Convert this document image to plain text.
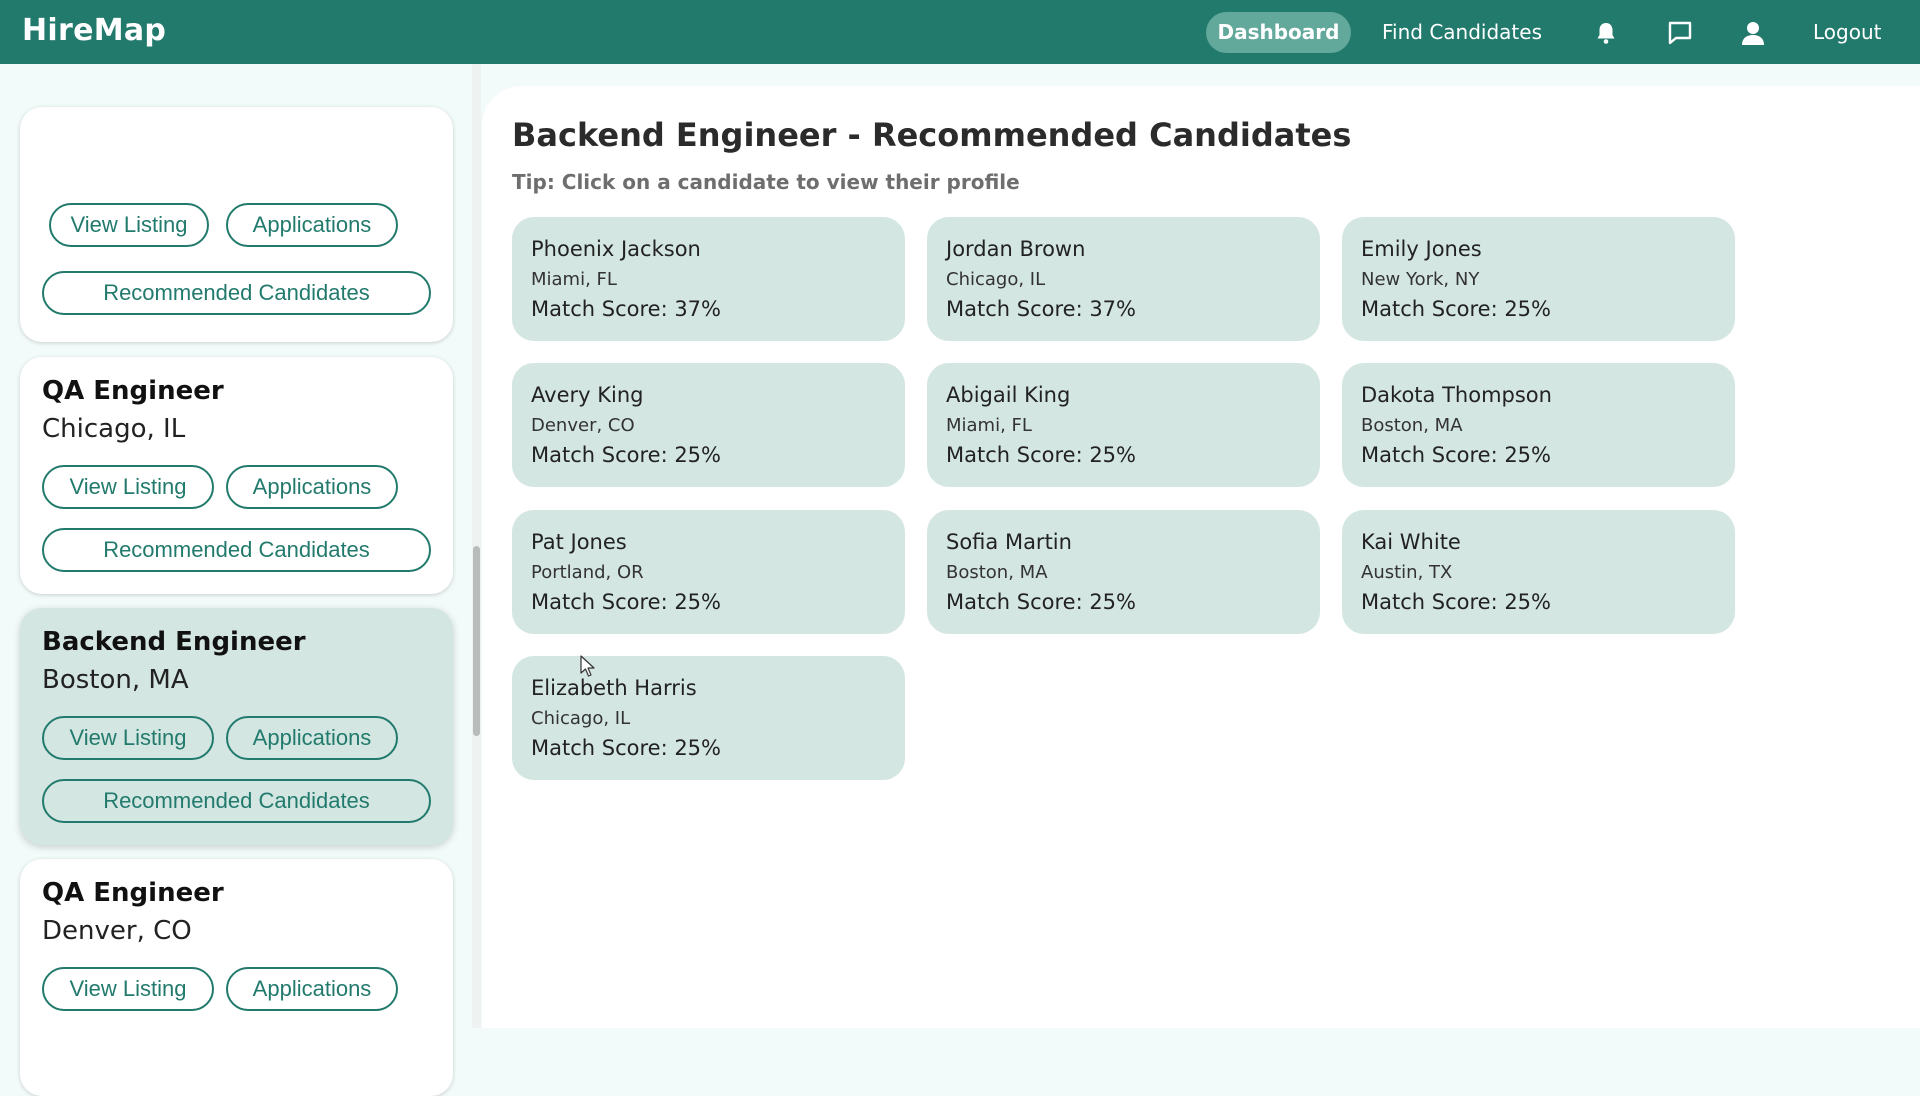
HireMap	Dashboard	Find Candidates	Logout
View Listing	Applications
Recommended Candidates
QA Engineer
Chicago, IL
View Listing	Applications
Recommended Candidates
Backend Engineer
Boston, MA
View Listing	Applications
Recommended Candidates
QA Engineer
Denver, CO
View Listing	Applications
Backend Engineer - Recommended Candidates
Tip: Click on a candidate to view their profile
Phoenix Jackson
Miami, FL
Match Score: 37%
Jordan Brown
Chicago, IL
Match Score: 37%
Emily Jones
New York, NY
Match Score: 25%
Avery King
Denver, CO
Match Score: 25%
Abigail King
Miami, FL
Match Score: 25%
Dakota Thompson
Boston, MA
Match Score: 25%
Pat Jones
Portland, OR
Match Score: 25%
Sofia Martin
Boston, MA
Match Score: 25%
Kai White
Austin, TX
Match Score: 25%
Elizabeth Harris
Chicago, IL
Match Score: 25%
